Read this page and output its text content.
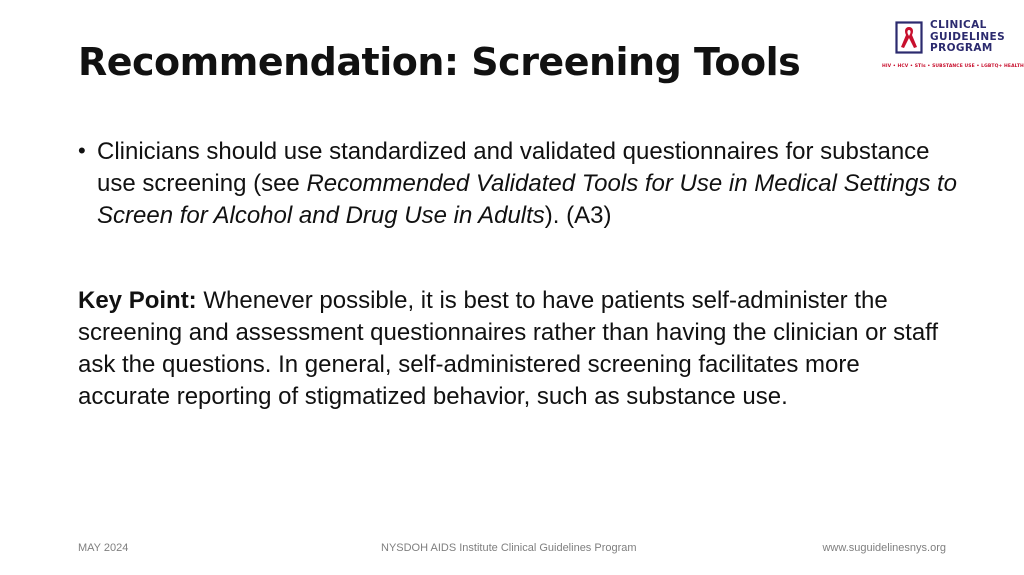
Recommendation: Screening Tools
CLINICAL
GUIDELINES
PROGRAM
HIV • HCV • STIs • SUBSTANCE USE • LGBTQ+ HEALTH
• Clinicians should use standardized and validated questionnaires for substance use screening (see Recommended Validated Tools for Use in Medical Settings to Screen for Alcohol and Drug Use in Adults). (A3)
Key Point: Whenever possible, it is best to have patients self-administer the screening and assessment questionnaires rather than having the clinician or staff ask the questions. In general, self-administered screening facilitates more accurate reporting of stigmatized behavior, such as substance use.
MAY 2024	NYSDOH AIDS Institute Clinical Guidelines Program	www.suguidelinesnys.org
